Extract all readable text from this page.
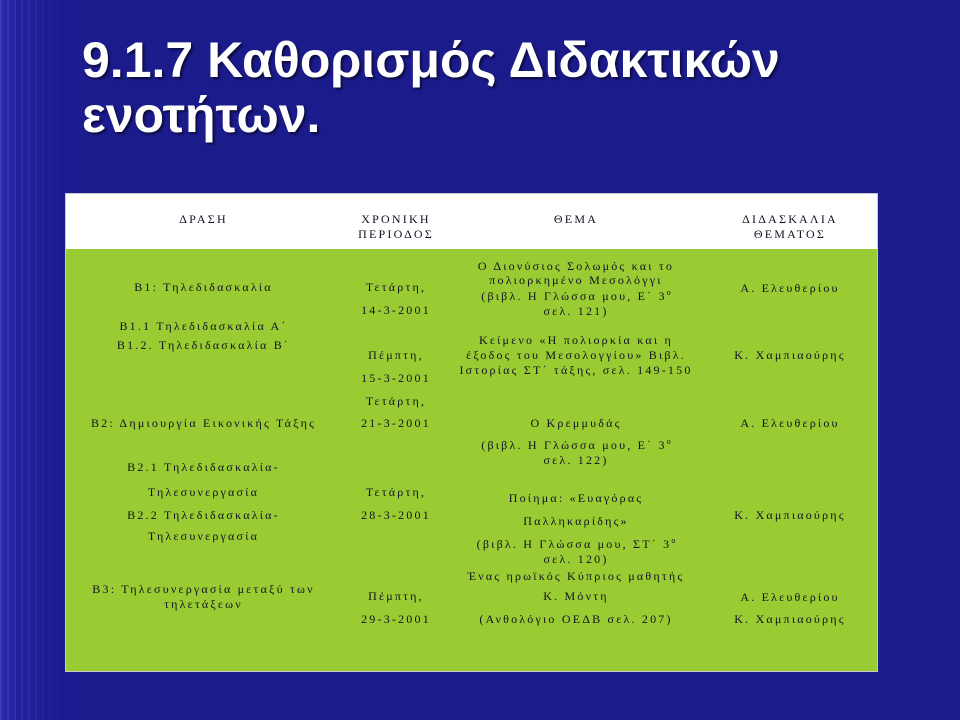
9.1.7 Καθορισμός Διδακτικών ενοτήτων.
ΔΡΑΣΗ
Β1: Τηλεδιδασκαλία
Β1.1 Τηλεδιδασκαλία Α΄
Β1.2. Τηλεδιδασκαλία Β΄
Β2: Δημιουργία Εικονικής Τάξης
Β2.1 Τηλεδιδασκαλία-
Τηλεσυνεργασία
Β2.2 Τηλεδιδασκαλία-
Τηλεσυνεργασία
Β3: Τηλεσυνεργασία μεταξύ των
τηλετάξεων
ΧΡΟΝΙΚΗ
ΠΕΡΙΟΔΟΣ
Τετάρτη,
14-3-2001
Πέμπτη,
15-3-2001
Τετάρτη,
21-3-2001
Τετάρτη,
28-3-2001
Πέμπτη,
29-3-2001
ΘΕΜΑ
Ο Διονύσιος Σολωμός και το
πολιορκημένο Μεσολόγγι
(βιβλ. Η Γλώσσα μου, Ε΄ $3^o$
σελ. 121)
Κείμενο «Η πολιορκία και η
έξοδος του Μεσολογγίου» Βιβλ.
Ιστορίας ΣΤ΄ τάξης, σελ. 149-150
Ο Κρεμμυδάς
(βιβλ. Η Γλώσσα μου, Ε΄ $3^o$
σελ. 122)
Ποίημα: «Ευαγόρας
Παλληκαρίδης»
(βιβλ. Η Γλώσσα μου, ΣΤ΄ $3^o$
σελ. 120)
Ένας ηρωϊκός Κύπριος μαθητής
Κ. Μόντη
(Ανθολόγιο ΟΕΔΒ σελ. 207)
ΔΙΔΑΣΚΑΛΙΑ
ΘΕΜΑΤΟΣ
Α. Ελευθερίου
Κ. Χαμπιαούρης
Α. Ελευθερίου
Κ. Χαμπιαούρης
Α. Ελευθερίου
Κ. Χαμπιαούρης
